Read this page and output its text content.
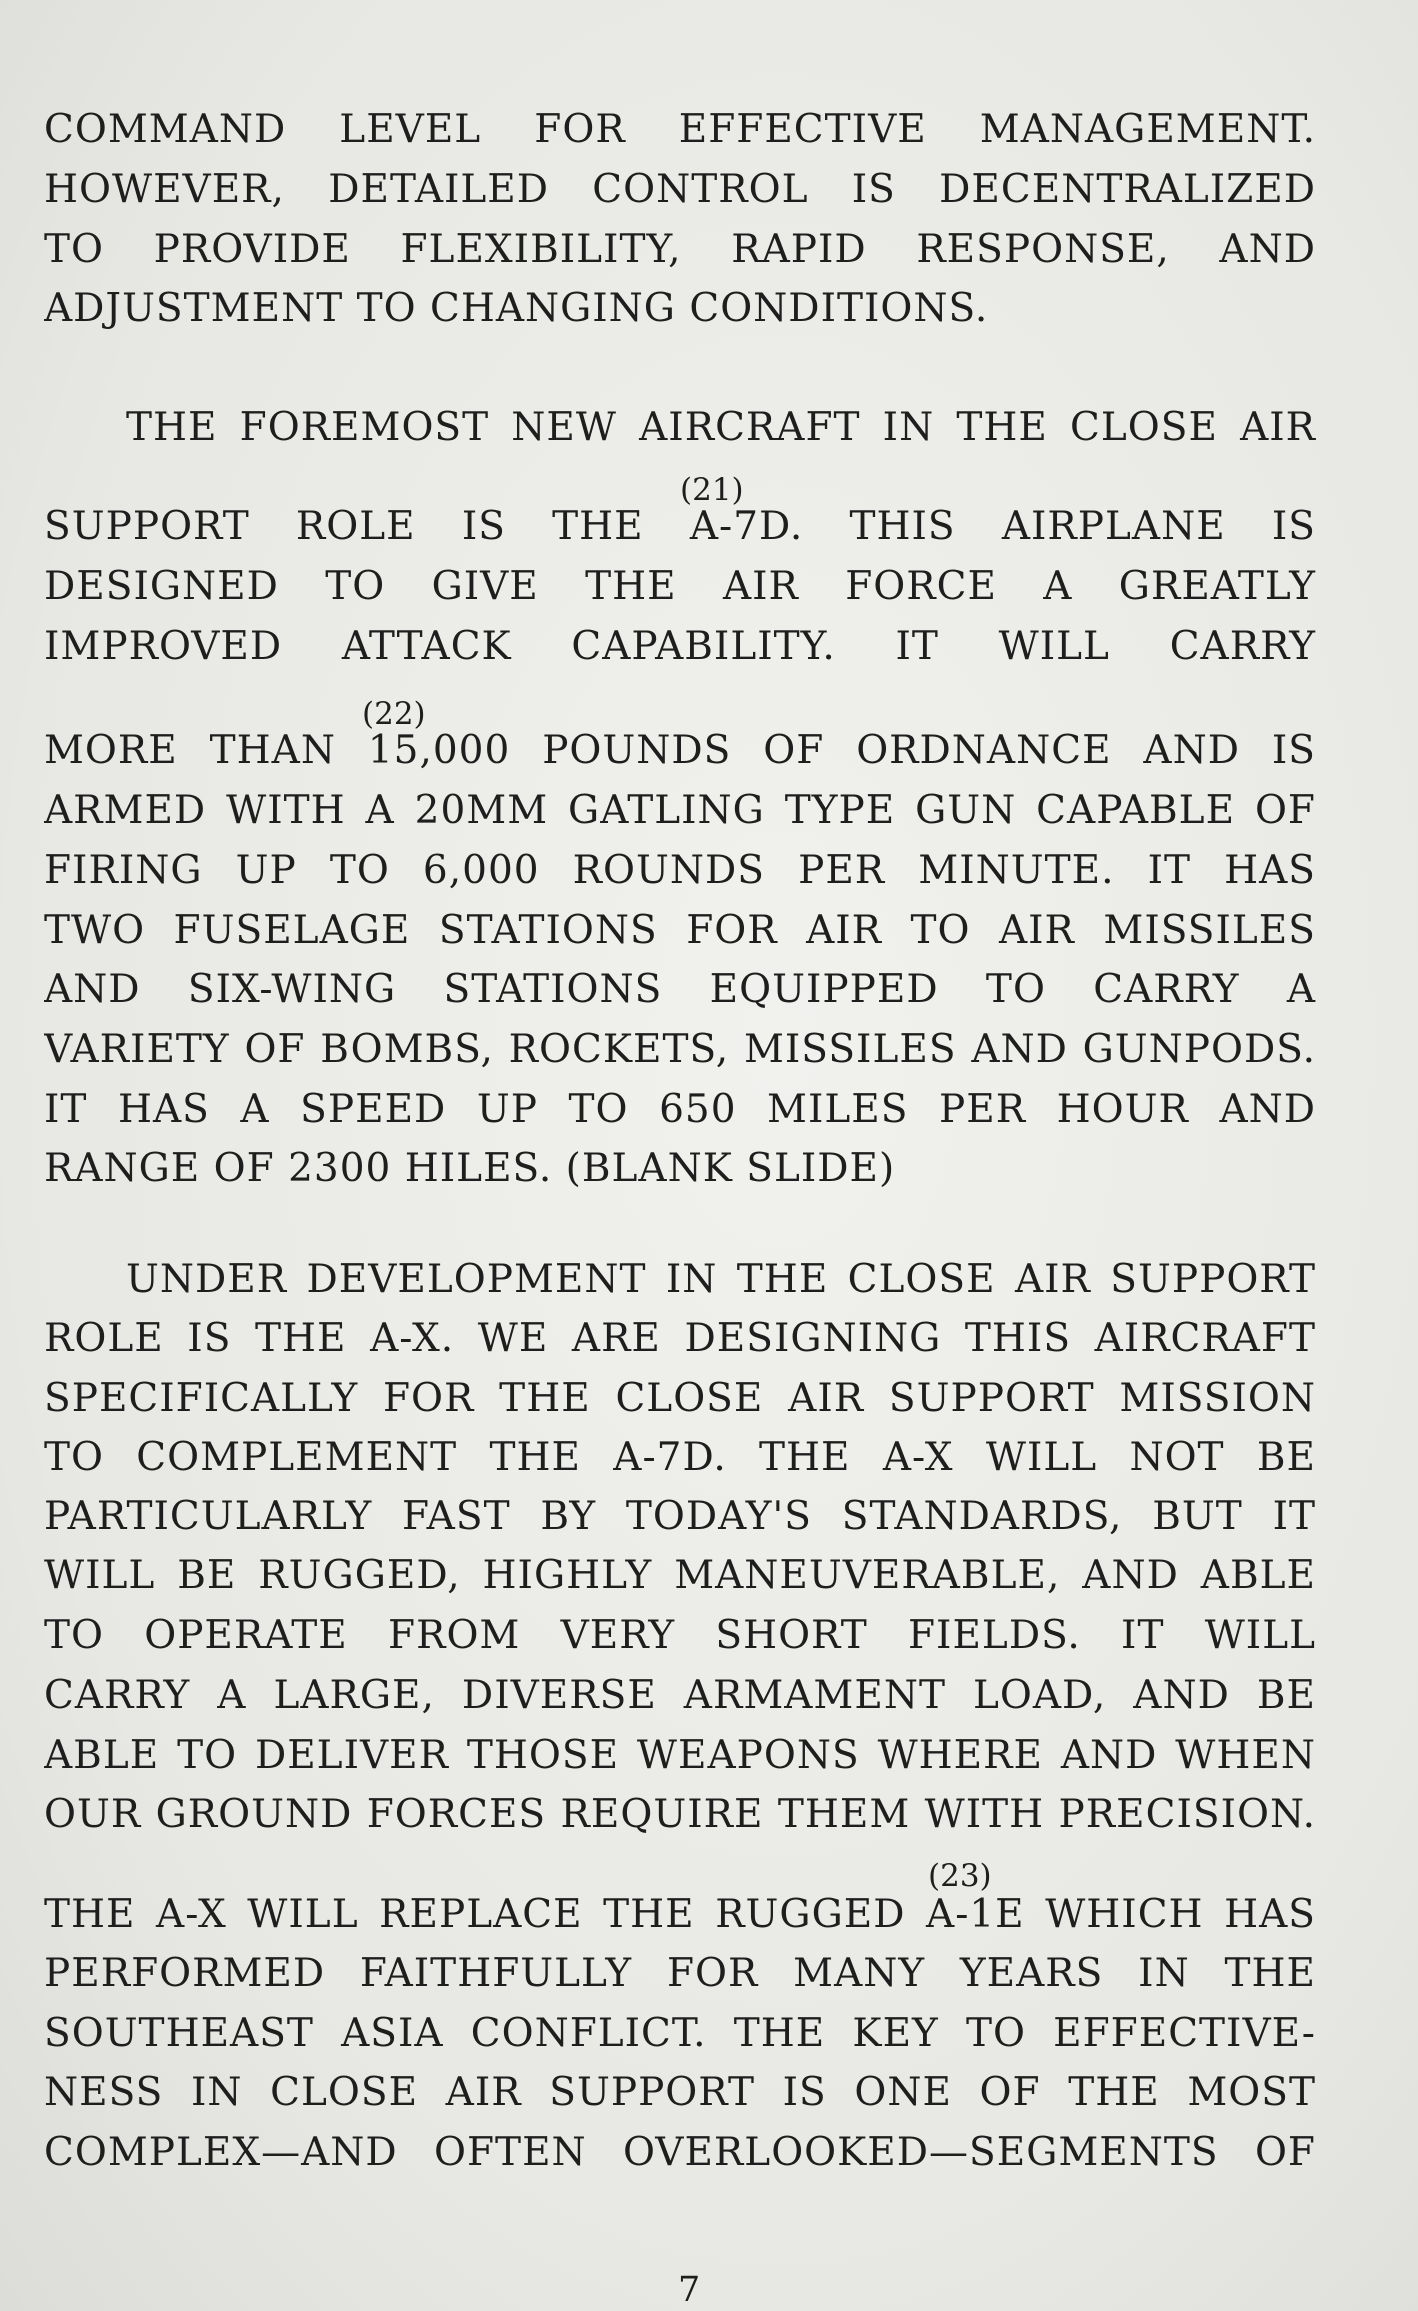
COMMAND LEVEL FOR EFFECTIVE MANAGEMENT.
HOWEVER, DETAILED CONTROL IS DECENTRALIZED
TO PROVIDE FLEXIBILITY, RAPID RESPONSE, AND
ADJUSTMENT TO CHANGING CONDITIONS.
THE FOREMOST NEW AIRCRAFT IN THE CLOSE AIR
(21)
SUPPORT ROLE IS THE A-7D. THIS AIRPLANE IS
DESIGNED TO GIVE THE AIR FORCE A GREATLY
IMPROVED ATTACK CAPABILITY. IT WILL CARRY
(22)
MORE THAN 15,000 POUNDS OF ORDNANCE AND IS
ARMED WITH A 20MM GATLING TYPE GUN CAPABLE OF
FIRING UP TO 6,000 ROUNDS PER MINUTE. IT HAS
TWO FUSELAGE STATIONS FOR AIR TO AIR MISSILES
AND SIX-WING STATIONS EQUIPPED TO CARRY A
VARIETY OF BOMBS, ROCKETS, MISSILES AND GUNPODS.
IT HAS A SPEED UP TO 650 MILES PER HOUR AND
RANGE OF 2300 HILES. (BLANK SLIDE)
UNDER DEVELOPMENT IN THE CLOSE AIR SUPPORT
ROLE IS THE A-X. WE ARE DESIGNING THIS AIRCRAFT
SPECIFICALLY FOR THE CLOSE AIR SUPPORT MISSION
TO COMPLEMENT THE A-7D. THE A-X WILL NOT BE
PARTICULARLY FAST BY TODAY'S STANDARDS, BUT IT
WILL BE RUGGED, HIGHLY MANEUVERABLE, AND ABLE
TO OPERATE FROM VERY SHORT FIELDS. IT WILL
CARRY A LARGE, DIVERSE ARMAMENT LOAD, AND BE
ABLE TO DELIVER THOSE WEAPONS WHERE AND WHEN
OUR GROUND FORCES REQUIRE THEM WITH PRECISION.
(23)
THE A-X WILL REPLACE THE RUGGED A-1E WHICH HAS
PERFORMED FAITHFULLY FOR MANY YEARS IN THE
SOUTHEAST ASIA CONFLICT. THE KEY TO EFFECTIVE-
NESS IN CLOSE AIR SUPPORT IS ONE OF THE MOST
COMPLEX—AND OFTEN OVERLOOKED—SEGMENTS OF
7
